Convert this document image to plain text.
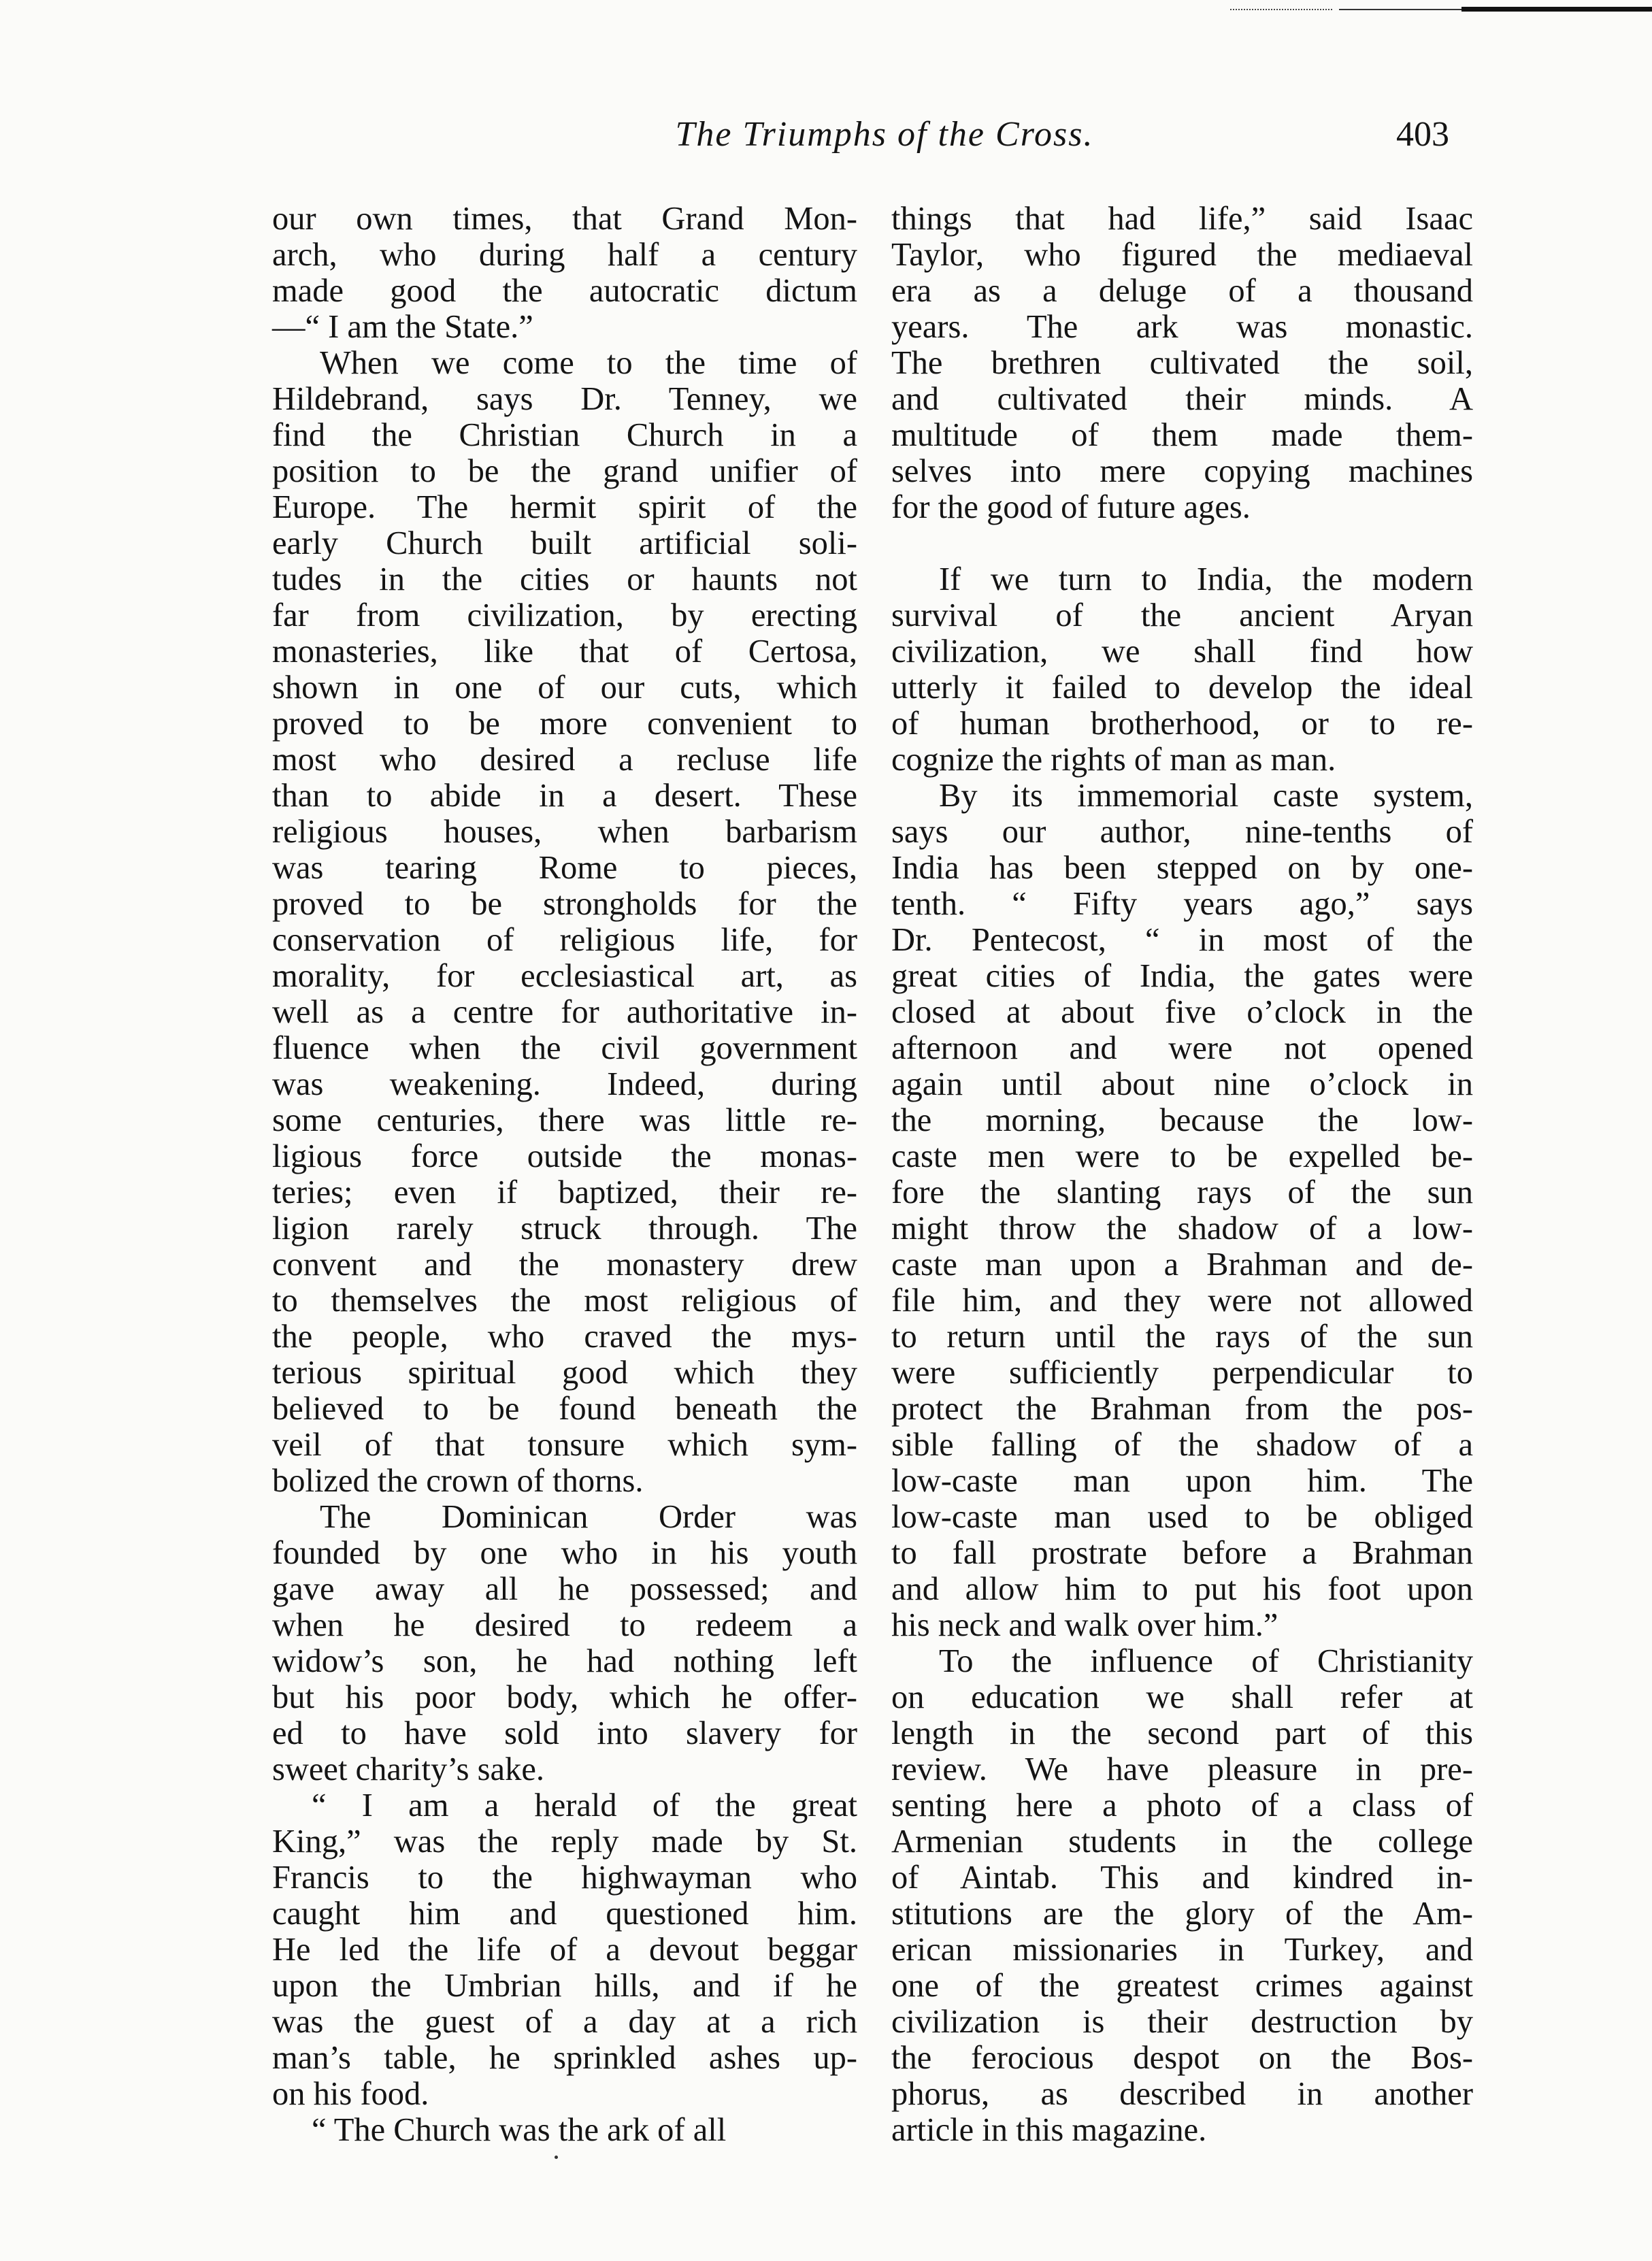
The Triumphs of the Cross.	403
our own times, that Grand Mon-
arch, who during half a century
made good the autocratic dictum
—“ I am the State.”
When we come to the time of
Hildebrand, says Dr. Tenney, we
find the Christian Church in a
position to be the grand unifier of
Europe. The hermit spirit of the
early Church built artificial soli-
tudes in the cities or haunts not
far from civilization, by erecting
monasteries, like that of Certosa,
shown in one of our cuts, which
proved to be more convenient to
most who desired a recluse life
than to abide in a desert. These
religious houses, when barbarism
was tearing Rome to pieces,
proved to be strongholds for the
conservation of religious life, for
morality, for ecclesiastical art, as
well as a centre for authoritative in-
fluence when the civil government
was weakening. Indeed, during
some centuries, there was little re-
ligious force outside the monas-
teries; even if baptized, their re-
ligion rarely struck through. The
convent and the monastery drew
to themselves the most religious of
the people, who craved the mys-
terious spiritual good which they
believed to be found beneath the
veil of that tonsure which sym-
bolized the crown of thorns.
The Dominican Order was
founded by one who in his youth
gave away all he possessed; and
when he desired to redeem a
widow’s son, he had nothing left
but his poor body, which he offer-
ed to have sold into slavery for
sweet charity’s sake.
“ I am a herald of the great
King,” was the reply made by St.
Francis to the highwayman who
caught him and questioned him.
He led the life of a devout beggar
upon the Umbrian hills, and if he
was the guest of a day at a rich
man’s table, he sprinkled ashes up-
on his food.
“ The Church was the ark of all
things that had life,” said Isaac
Taylor, who figured the mediaeval
era as a deluge of a thousand
years. The ark was monastic.
The brethren cultivated the soil,
and cultivated their minds. A
multitude of them made them-
selves into mere copying machines
for the good of future ages.
If we turn to India, the modern
survival of the ancient Aryan
civilization, we shall find how
utterly it failed to develop the ideal
of human brotherhood, or to re-
cognize the rights of man as man.
By its immemorial caste system,
says our author, nine-tenths of
India has been stepped on by one-
tenth. “ Fifty years ago,” says
Dr. Pentecost, “ in most of the
great cities of India, the gates were
closed at about five o’clock in the
afternoon and were not opened
again until about nine o’clock in
the morning, because the low-
caste men were to be expelled be-
fore the slanting rays of the sun
might throw the shadow of a low-
caste man upon a Brahman and de-
file him, and they were not allowed
to return until the rays of the sun
were sufficiently perpendicular to
protect the Brahman from the pos-
sible falling of the shadow of a
low-caste man upon him. The
low-caste man used to be obliged
to fall prostrate before a Brahman
and allow him to put his foot upon
his neck and walk over him.”
To the influence of Christianity
on education we shall refer at
length in the second part of this
review. We have pleasure in pre-
senting here a photo of a class of
Armenian students in the college
of Aintab. This and kindred in-
stitutions are the glory of the Am-
erican missionaries in Turkey, and
one of the greatest crimes against
civilization is their destruction by
the ferocious despot on the Bos-
phorus, as described in another
article in this magazine.
